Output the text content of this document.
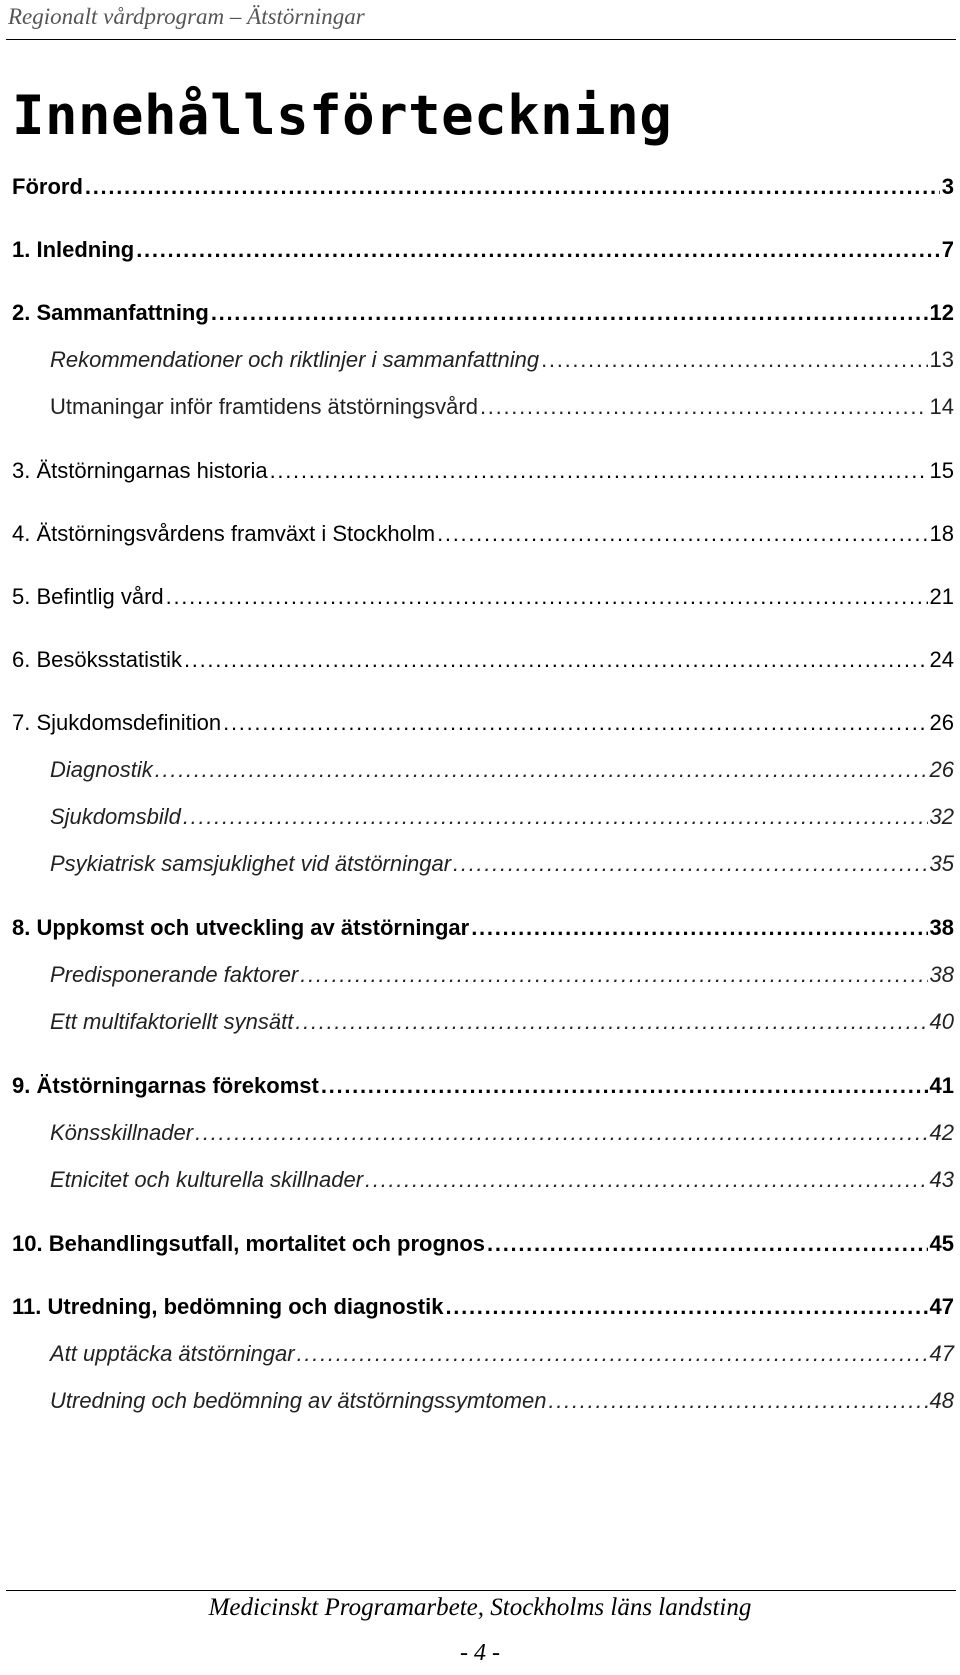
Regionalt vårdprogram – Ätstörningar
Innehållsförteckning
Förord . . .	3
1. Inledning . . .	7
2. Sammanfattning . . .	12
Rekommendationer och riktlinjer i sammanfattning . . .	13
Utmaningar inför framtidens ätstörningsvård . . .	14
3. Ätstörningarnas historia . . .	15
4. Ätstörningsvårdens framväxt i Stockholm . . .	18
5. Befintlig vård . . .	21
6. Besöksstatistik . . .	24
7. Sjukdomsdefinition . . .	26
Diagnostik . . .	26
Sjukdomsbild . . .	32
Psykiatrisk samsjuklighet vid ätstörningar . . .	35
8. Uppkomst och utveckling av ätstörningar . . .	38
Predisponerande faktorer . . .	38
Ett multifaktoriellt synsätt . . .	40
9. Ätstörningarnas förekomst . . .	41
Könsskillnader . . .	42
Etnicitet och kulturella skillnader . . .	43
10. Behandlingsutfall, mortalitet och prognos . . .	45
11. Utredning, bedömning och diagnostik . . .	47
Att upptäcka ätstörningar . . .	47
Utredning och bedömning av ätstörningssymtomen . . .	48
Medicinskt Programarbete, Stockholms läns landsting
- 4 -
